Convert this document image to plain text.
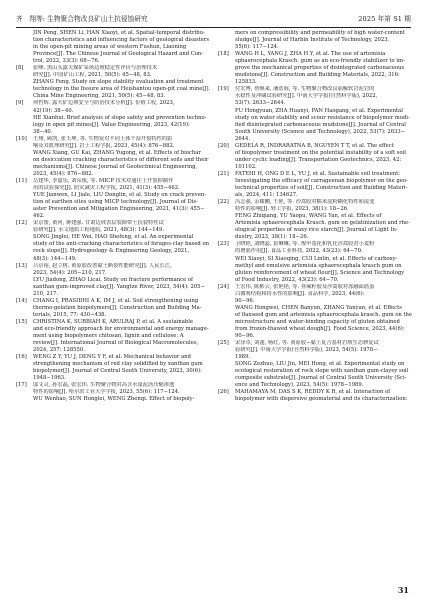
齐　翔等: 生物聚合物改良矿山土抗侵蚀研究	2025 年第 S1 期
JIN Peng, SHEN Li, HAN Xiaoyi, et al. Spatial-temporal distribu-
tion characteristics and influencing factors of geological disasters
in the open-pit mining areas of western Fushun, Liaoning
Province[J]. The Chinese Journal of Geological Hazard and Con-
trol, 2022, 33(3): 68−76.
[8]	张峰. 黑山头露天煤矿采场边坡稳定性评价与治理技术
研究[J]. 中国矿山工程, 2021, 50(5): 45−48, 83.
ZHANG Feng. Study on slope stability evaluation and treatment
technology in the fissure area of Heishantou open-pit coal mine[J].
China Mine Engineering, 2021, 50(5): 45−48, 83.
[9]	何哲辉. 露天矿边坡安全与防治技术分析[J]. 价值工程, 2023,
42(19): 38−40.
HE Xianhui. Brief analysis of slope safety and prevention techno-
logy in open pit mines[J]. Value Engineering, 2023, 42(19):
38−40.
[10]	王翔, 顾凯, 张玉坤, 等. 生物炭对不同土体干湿开裂特性的影
响及其机理研究[J]. 岩土工程学报, 2023, 45(4): 876−882.
WANG Xiang, GU Kai, ZHANG Yugong, et al. Effects of biochar
on desiccation cracking characteristics of different soils and their
mechanisms[J]. Chinese Journal of Geotechnical Engineering,
2023, 45(4): 876−882.
[11]	岳建华, 李嘉乐, 刘东俊, 等. MICP 技术对通往土开裂抑制作
用的试验探究[J]. 防灾减灾工程学报, 2021, 41(3): 455−462.
YUE Jianwen, LI Jiale, LIU Donglin, et al. Study on crack preven-
tion of earthen sites using MICP technology[J]. Journal of Dis-
aster Prevention and Mitigation Engineering, 2021, 41(3): 455−
462.
[12]	宋京蕾, 黄河, 蒋建强. 甘肃边坡表层裂隙带土抗裂特性试
验研究[J]. 水文地质工程地质, 2021, 48(3): 144−149.
SONG Jinglei, HE Wei, HAO Shefeng, et al. An experimental
study of the anti-cracking characteristics of forages-clay based on
rock slope[J]. Hydrogeology & Engineering Geology, 2021,
48(3): 144−149.
[13]	吕京裕, 赵立树. 黄原胶改善黏土断裂性能研究[J]. 人民长江,
2023, 54(4): 205−210, 217.
LYU Jiadong, ZHAO Licai. Study on fracture performance of
xanthan gum-improved clay[J]. Yangtze River, 2023, 54(4): 205−
210, 217.
[14]	CHANG I, PRASIDHI A K, IM J, et al. Soil strengthening using
thermo-gelation biopolymers[J]. Construction and Building Ma-
terials, 2015, 77: 430−438.
[15]	CHRISTINA K, SUBBIAH K, ARULRAJ P, et al. A sustainable
and eco-friendly approach for environmental and energy manage-
ment using biopolymers chitosan, lignin and cellulose: A
review[J]. International Journal of Biological Macromolecules,
2024, 257: 128550.
[16]	WENG Z Y, YU J, DENG Y F, et al. Mechanical behavior and
strengthening mechanism of red clay solidified by xanthan gum
biopolymer[J]. Journal of Central South University, 2023, 30(6):
1948−1963.
[17]	邬文灵, 孙宏磊, 张宏伟. 生物聚合物对高含水量泥沥压缩渗透
特性的影响[J]. 哈尔滨工业大学学报, 2023, 55(6): 117−124.
WU Wenhao, SUN Honglei, WENG Zhenqi. Effect of biopoly-
mers on compressibility and permeability of high water-content
sludge[J]. Journal of Harbin Institute of Technology, 2023,
55(6): 117−124.
[18]	WANG H L, YANG J, ZHA H Y, et al. The use of artemisia
sphaerocephala Krasch. gum as an eco-friendly stabilizer to im-
prove the mechanical properties of disintegrated carbonaceous
mudstone[J]. Construction and Building Materials, 2022, 316:
125833.
[19]	付宏博, 詹焕来, 潘浩海, 等. 生物聚合物改良崩解软岩泥岩的
水稳性及冲刷试验研究[J]. 中南大学学报(自然科学版), 2022,
53(7): 2633−2644.
FU Hongyuan, ZHA Huanyi, PAN Haogang, et al. Experimental
study on water stability and scour resistance of biopolymer modi-
fied disintegrated carbonaceous mudstone[J]. Journal of Central
South University (Science and Technology), 2022, 53(7): 2633−
2644.
[20]	GEDELA R, INDRARATNA B, NGUYEN T T, et al. The effect
of biopolymer treatment on the potential instability of a soft soil
under cyclic loading[J]. Transportation Geotechnics, 2023, 42:
101102.
[21]	FATEHI H, ONG D E L, YU J, et al. Sustainable soil treatment:
Investigating the efficacy of carrageenan biopolymer on the geo-
technical properties of soil[J]. Construction and Building Materi-
als, 2024, 411: 134627.
[22]	冯志强, 余耀鹏, 王艳, 等. 沙蒿胶对糯米淀粉糊化特性和流变
特性的影响[J]. 轻工学报, 2023, 38(1): 18−26.
FENG Zhiqiang, YU Yaopu, WANG Yan, et al. Effects of
Artemisia sphaerocephala Krasch. gum on gelatinization and rhe-
ological properties of waxy rice starch[J]. Journal of Light In-
dustry, 2023, 38(1): 18−26.
[23]	卫晓艳, 刘晓蕊, 崔琳琳, 等. 羧甲基化和乳化沙蒿胶对小麦粉
的增筋作用[J]. 食品工业科技, 2022, 43(23): 64−70.
WEI Xiaoyi, SI Xiaoqing, CUI Linlin, et al. Effects of carboxy-
methyl and emulsive artemisia sphaerocephala krasch gum on
gluten reinforcement of wheat flour[J]. Science and Technology
of Food Industry, 2022, 43(23): 64−70.
[24]	王宏伟, 陈彬云, 张艳艳, 等. 亚麻籽胶及沙蒿胶对冻融面筋蛋
白微观结构和持水性的影响[J]. 食品科学, 2023, 44(6):
90−96.
WANG Hongwei, CHEN Banyun, ZHANG Yanyan, et al. Effects
of flaxseed gum and artemisia sphaerocephala krasch. gum on the
microstructure and water-binding capacity of gluten obtained
from frozen-thawed wheat dough[J]. Food Science, 2023, 44(6):
90−96.
[25]	宋泽卓, 刘蓬, 杨红, 等. 黄原胶−黏土复合基材岩坡生态修复试
验研究[J]. 中南大学学报(自然科学版), 2023, 54(5): 1978−
1989.
SONG Zezhuo, LIU Jin, MEI Hong, et al. Experimental study on
ecological restoration of rock slope with xanthan gum-clayey soil
composite substrate[J]. Journal of Central South University (Sci-
ence and Technology), 2023, 54(5): 1978−1989.
[26]	MAHAMAYA M, DAS S K, REDDY K R, et al. Interaction of
biopolymer with dispersive geomaterial and its characterization:
31
